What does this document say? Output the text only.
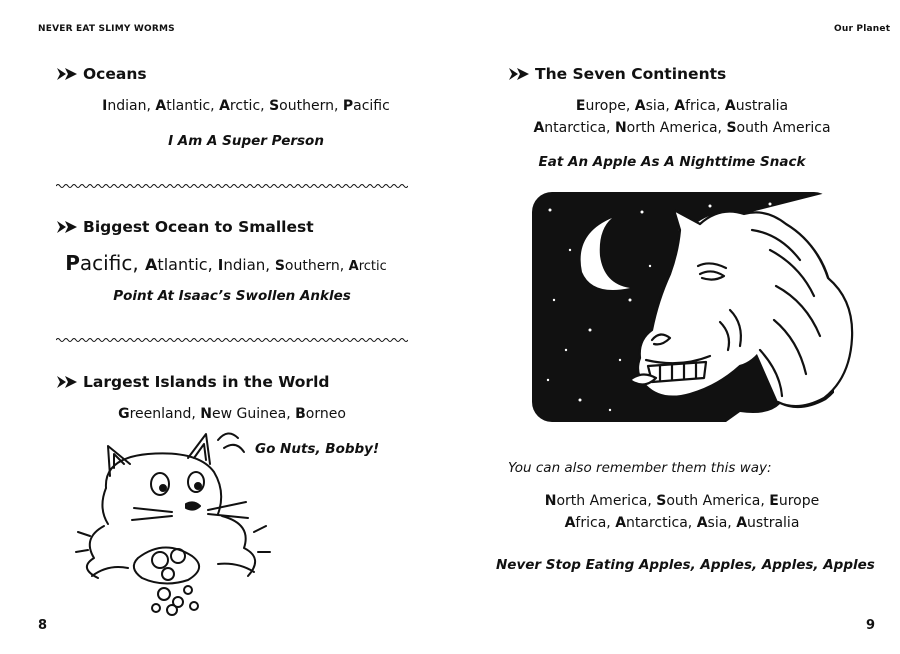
NEVER EAT SLIMY WORMS	Our Planet
8	9
Oceans
Indian, Atlantic, Arctic, Southern, Pacific
I Am A Super Person
Biggest Ocean to Smallest
Pacific, Atlantic, Indian, Southern, Arctic
Point At Isaac’s Swollen Ankles
Largest Islands in the World
Greenland, New Guinea, Borneo
Go Nuts, Bobby!
The Seven Continents
Europe, Asia, Africa, Australia
Antarctica, North America, South America
Eat An Apple As A Nighttime Snack
You can also remember them this way:
North America, South America, Europe
Africa, Antarctica, Asia, Australia
Never Stop Eating Apples, Apples, Apples, Apples
